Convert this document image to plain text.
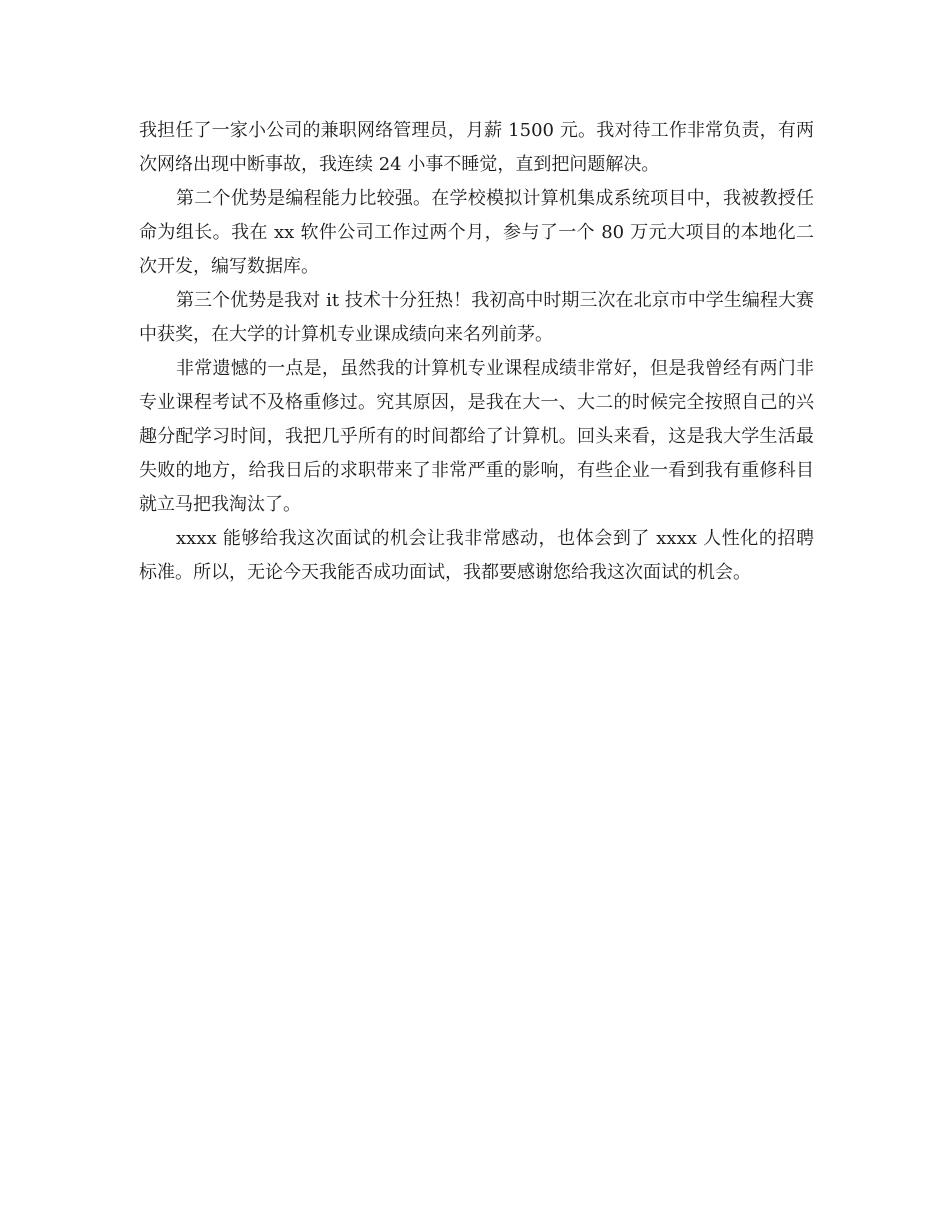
我担任了一家小公司的兼职网络管理员，月薪 1500 元。我对待工作非常负责，有两次网络出现中断事故，我连续 24 小事不睡觉，直到把问题解决。

第二个优势是编程能力比较强。在学校模拟计算机集成系统项目中，我被教授任命为组长。我在 xx 软件公司工作过两个月，参与了一个 80 万元大项目的本地化二次开发，编写数据库。

第三个优势是我对 it 技术十分狂热！我初高中时期三次在北京市中学生编程大赛中获奖，在大学的计算机专业课成绩向来名列前茅。

非常遗憾的一点是，虽然我的计算机专业课程成绩非常好，但是我曾经有两门非专业课程考试不及格重修过。究其原因，是我在大一、大二的时候完全按照自己的兴趣分配学习时间，我把几乎所有的时间都给了计算机。回头来看，这是我大学生活最失败的地方，给我日后的求职带来了非常严重的影响，有些企业一看到我有重修科目就立马把我淘汰了。

xxxx 能够给我这次面试的机会让我非常感动，也体会到了 xxxx 人性化的招聘标准。所以，无论今天我能否成功面试，我都要感谢您给我这次面试的机会。
